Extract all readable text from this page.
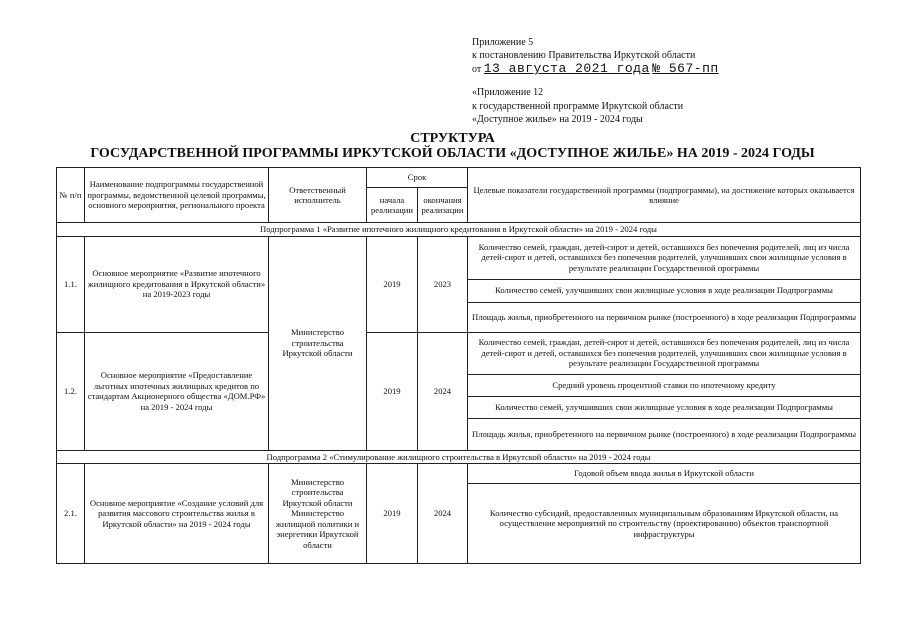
Приложение 5
к постановлению Правительства Иркутской области
от 13 августа 2021 года № 567-пп
«Приложение 12
к государственной программе Иркутской области
«Доступное жилье» на 2019 - 2024 годы
СТРУКТУРА
ГОСУДАРСТВЕННОЙ ПРОГРАММЫ ИРКУТСКОЙ ОБЛАСТИ «ДОСТУПНОЕ ЖИЛЬЕ» НА 2019 - 2024 ГОДЫ
№ п/п	Наименование подпрограммы государственной программы, ведомственной целевой программы, основного мероприятия, регионального проекта	Ответственный исполнитель	Срок		Целевые показатели государственной программы (подпрограммы), на достижение которых оказывается влияние
			начала реализации	окончания реализации	
Подпрограмма 1 «Развитие ипотечного жилищного кредитования в Иркутской области» на 2019 - 2024 годы					
1.1.	Основное мероприятие «Развитие ипотечного жилищного кредитования в Иркутской области» на 2019-2023 годы	Министерство строительства Иркутской области	2019	2023	Количество семей, граждан, детей-сирот и детей, оставшихся без попечения родителей, лиц из числа детей-сирот и детей, оставшихся без попечения родителей, улучшивших свои жилищные условия в результате реализации Государственной программы
					Количество семей, улучшивших свои жилищные условия в ходе реализации Подпрограммы
					Площадь жилья, приобретенного на первичном рынке (построенного) в ходе реализации Подпрограммы
1.2.	Основное мероприятие «Предоставление льготных ипотечных жилищных кредитов по стандартам Акционерного общества «ДОМ.РФ» на 2019 - 2024 годы		2019	2024	Количество семей, граждан, детей-сирот и детей, оставшихся без попечения родителей, лиц из числа детей-сирот и детей, оставшихся без попечения родителей, улучшивших свои жилищные условия в результате реализации Государственной программы
					Средний уровень процентной ставки по ипотечному кредиту
					Количество семей, улучшивших свои жилищные условия в ходе реализации Подпрограммы
					Площадь жилья, приобретенного на первичном рынке (построенного) в ходе реализации Подпрограммы
Подпрограмма 2 «Стимулирование жилищного строительства в Иркутской области» на 2019 - 2024 годы					
2.1.	Основное мероприятие «Создание условий для развития массового строительства жилья в Иркутской области» на 2019 - 2024 годы	Министерство строительства Иркутской области Министерство жилищной политики и энергетики Иркутской области	2019	2024	Годовой объем ввода жилья в Иркутской области
					Количество субсидий, предоставленных муниципальным образованиям Иркутской области, на осуществление мероприятий по строительству (проектированию) объектов транспортной инфраструктуры
